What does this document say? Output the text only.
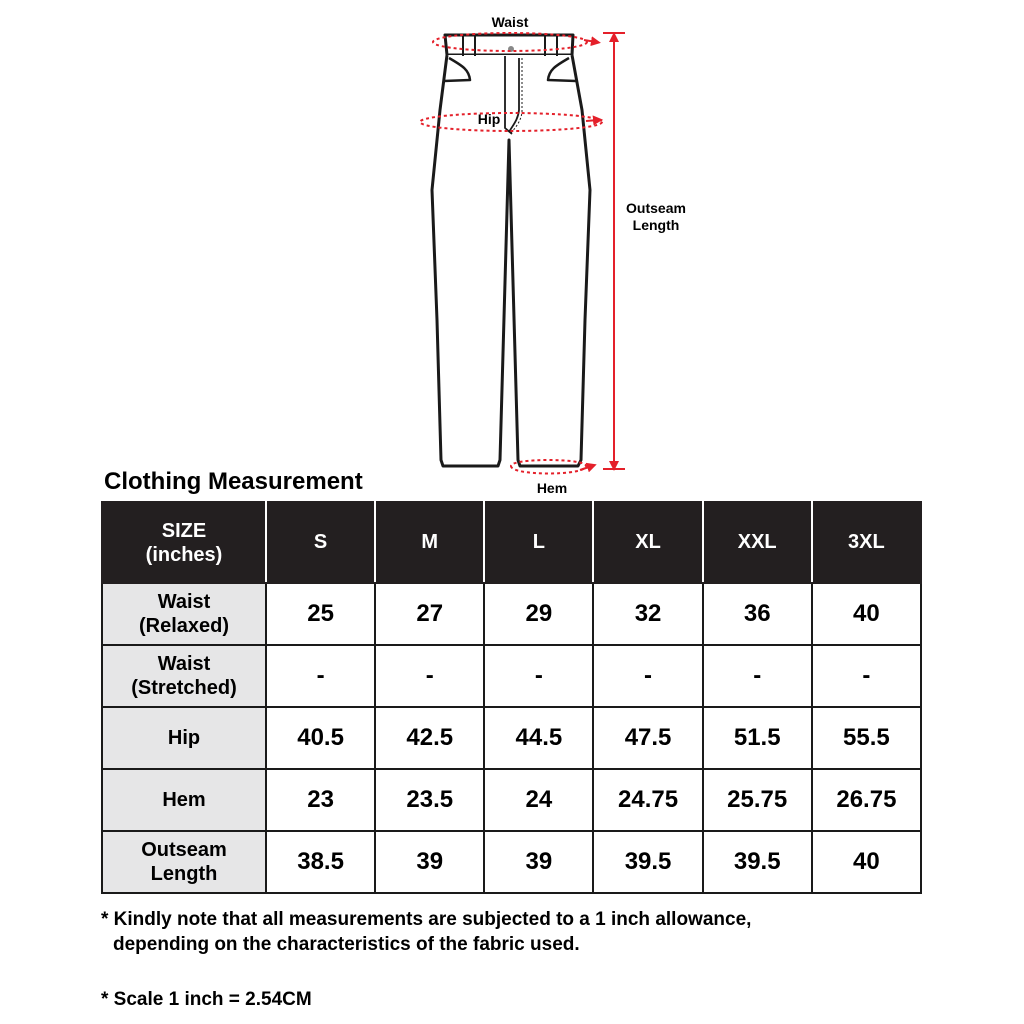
Waist
Hip
Outseam
Length
Hem
Clothing Measurement
SIZE
(inches)	S	M	L	XL	XXL	3XL

Waist
(Relaxed)	25	27	29	32	36	40

Waist
(Stretched)	-	-	-	-	-	-

Hip	40.5	42.5	44.5	47.5	51.5	55.5

Hem	23	23.5	24	24.75	25.75	26.75

Outseam
Length	38.5	39	39	39.5	39.5	40
* Kindly note that all measurements are subjected to a 1 inch allowance,
depending on the characteristics of the fabric used.
* Scale 1 inch = 2.54CM
